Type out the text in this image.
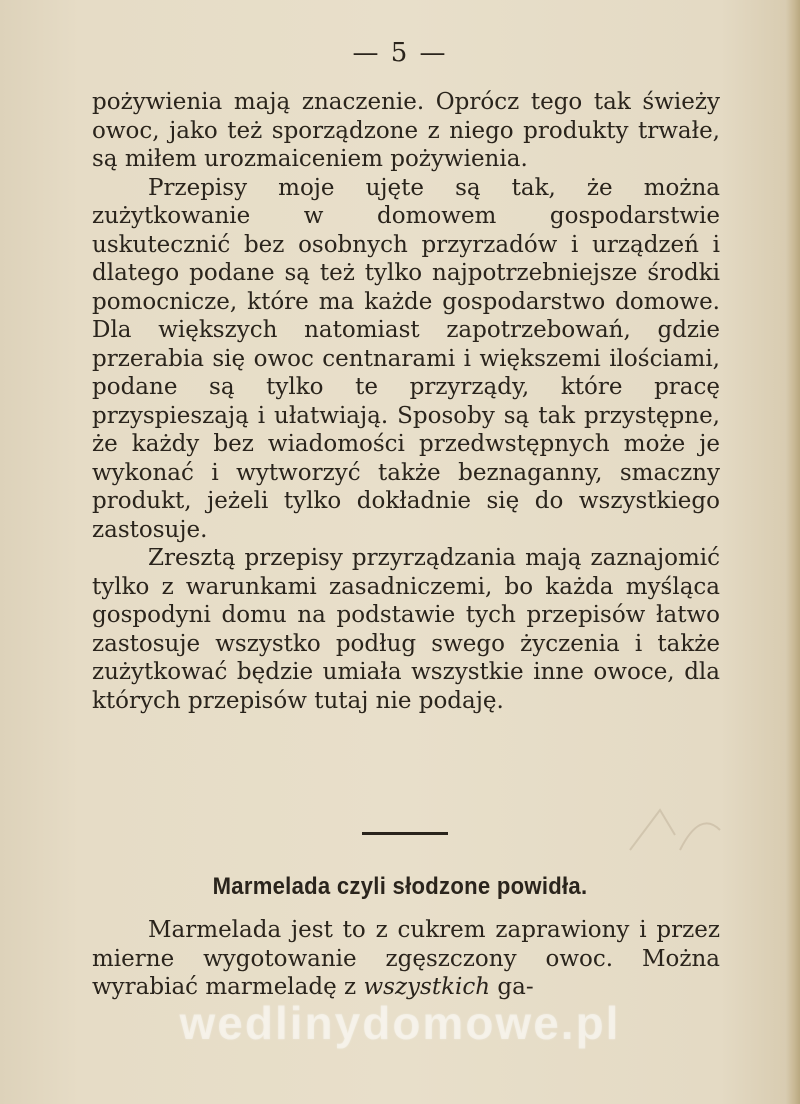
— 5 —

pożywienia mają znaczenie. Oprócz tego tak świeży owoc, jako też sporządzone z niego produkty trwałe, są miłem urozmaiceniem pożywienia.

Przepisy moje ujęte są tak, że można zużytkowanie w domowem gospodarstwie uskutecznić bez osobnych przyrzadów i urządzeń i dlatego podane są też tylko najpotrzebniejsze środki pomocnicze, które ma każde gospodarstwo domowe. Dla większych natomiast zapotrzebowań, gdzie przerabia się owoc centnarami i większemi ilościami, podane są tylko te przyrządy, które pracę przyspieszają i ułatwiają. Sposoby są tak przystępne, że każdy bez wiadomości przedwstępnych może je wykonać i wytworzyć także beznaganny, smaczny produkt, jeżeli tylko dokładnie się do wszystkiego zastosuje.

Zresztą przepisy przyrządzania mają zaznajomić tylko z warunkami zasadniczemi, bo każda myśląca gospodyni domu na podstawie tych przepisów łatwo zastosuje wszystko podług swego życzenia i także zużytkować będzie umiała wszystkie inne owoce, dla których przepisów tutaj nie podaję.

Marmelada czyli słodzone powidła.

Marmelada jest to z cukrem zaprawiony i przez mierne wygotowanie zgęszczony owoc. Można wyrabiać marmeladę z wszystkich ga-

wedlinydomowe.pl
